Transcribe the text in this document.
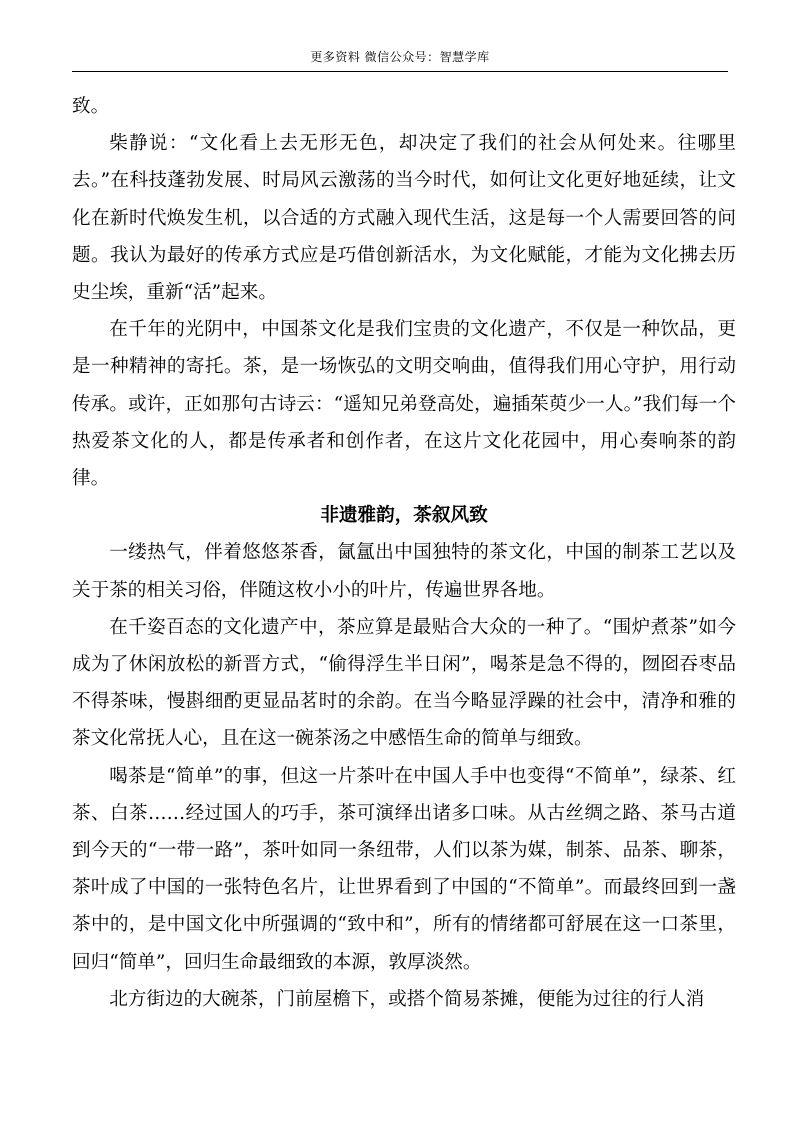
更多资料 微信公众号：智慧学库

致。

柴静说：“文化看上去无形无色，却决定了我们的社会从何处来。往哪里去。”在科技蓬勃发展、时局风云激荡的当今时代，如何让文化更好地延续，让文化在新时代焕发生机，以合适的方式融入现代生活，这是每一个人需要回答的问题。我认为最好的传承方式应是巧借创新活水，为文化赋能，才能为文化拂去历史尘埃，重新“活”起来。

在千年的光阴中，中国茶文化是我们宝贵的文化遗产，不仅是一种饮品，更是一种精神的寄托。茶，是一场恢弘的文明交响曲，值得我们用心守护，用行动传承。或许，正如那句古诗云：“遥知兄弟登高处，遍插茱萸少一人。”我们每一个热爱茶文化的人，都是传承者和创作者，在这片文化花园中，用心奏响茶的韵律。

非遗雅韵，茶叙风致

一缕热气，伴着悠悠茶香，氤氲出中国独特的茶文化，中国的制茶工艺以及关于茶的相关习俗，伴随这枚小小的叶片，传遍世界各地。

在千姿百态的文化遗产中，茶应算是最贴合大众的一种了。“围炉煮茶”如今成为了休闲放松的新晋方式，“偷得浮生半日闲”，喝茶是急不得的，囫囵吞枣品不得茶味，慢斟细酌更显品茗时的余韵。在当今略显浮躁的社会中，清净和雅的茶文化常抚人心，且在这一碗茶汤之中感悟生命的简单与细致。

喝茶是“简单”的事，但这一片茶叶在中国人手中也变得“不简单”，绿茶、红茶、白茶……经过国人的巧手，茶可演绎出诸多口味。从古丝绸之路、茶马古道到今天的“一带一路”，茶叶如同一条纽带，人们以茶为媒，制茶、品茶、聊茶，茶叶成了中国的一张特色名片，让世界看到了中国的“不简单”。而最终回到一盏茶中的，是中国文化中所强调的“致中和”，所有的情绪都可舒展在这一口茶里，回归“简单”，回归生命最细致的本源，敦厚淡然。

北方街边的大碗茶，门前屋檐下，或搭个简易茶摊，便能为过往的行人消
